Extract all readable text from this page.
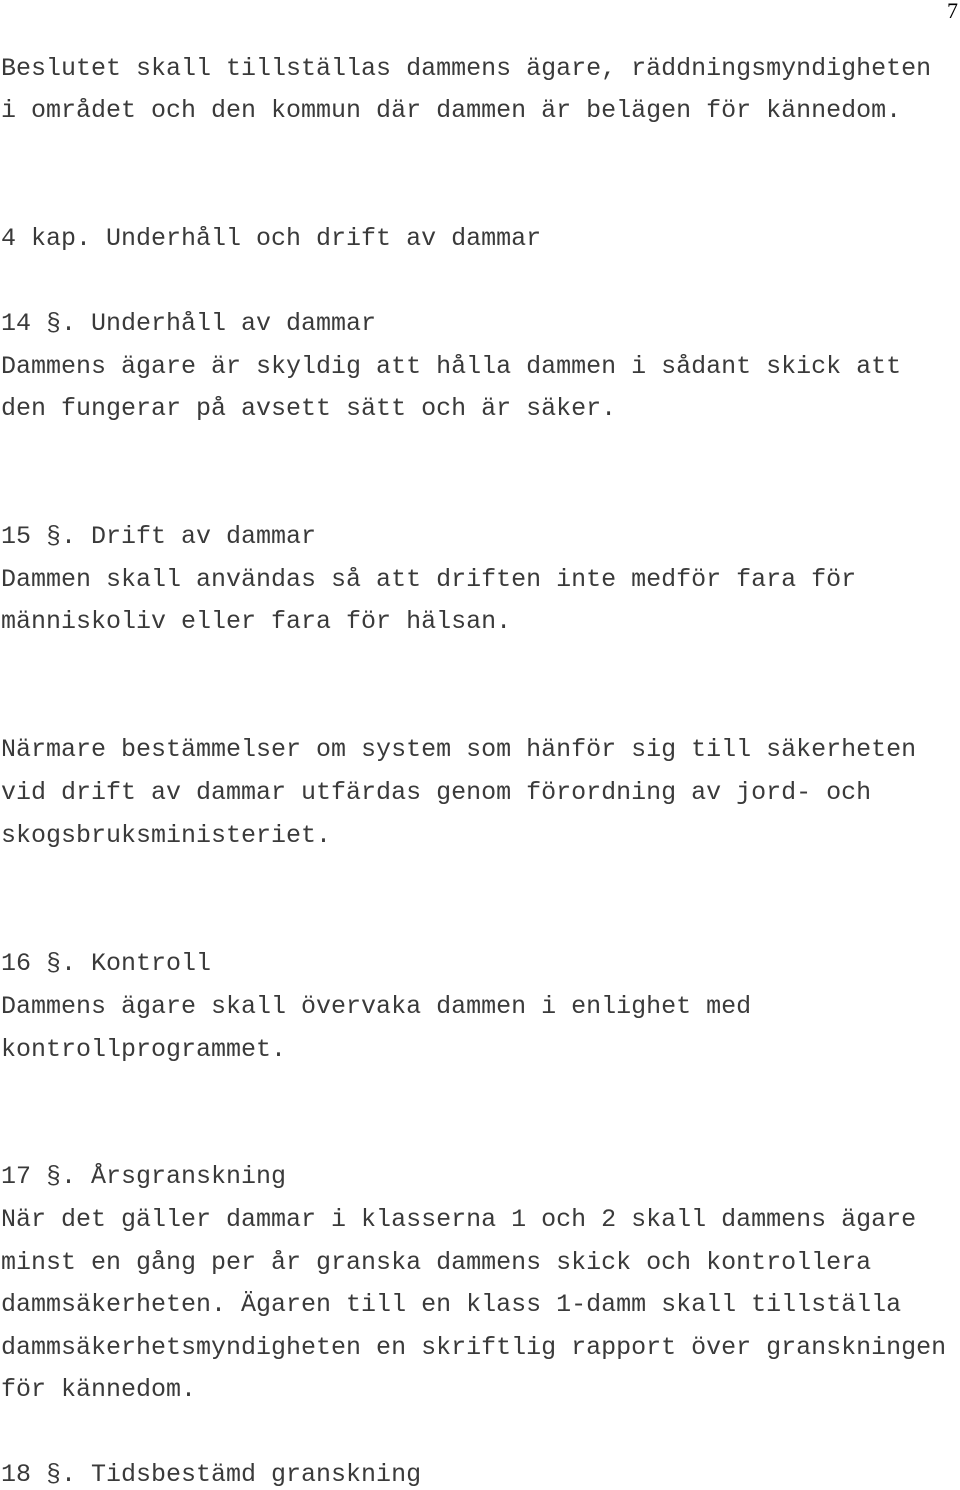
7

Beslutet skall tillställas dammens ägare, räddningsmyndigheten

i området och den kommun där dammen är belägen för kännedom.

4 kap. Underhåll och drift av dammar

14 §. Underhåll av dammar

Dammens ägare är skyldig att hålla dammen i sådant skick att

den fungerar på avsett sätt och är säker.

15 §. Drift av dammar

Dammen skall användas så att driften inte medför fara för

människoliv eller fara för hälsan.

Närmare bestämmelser om system som hänför sig till säkerheten

vid drift av dammar utfärdas genom förordning av jord- och

skogsbruksministeriet.

16 §. Kontroll

Dammens ägare skall övervaka dammen i enlighet med

kontrollprogrammet.

17 §. Årsgranskning

När det gäller dammar i klasserna 1 och 2 skall dammens ägare

minst en gång per år granska dammens skick och kontrollera

dammsäkerheten. Ägaren till en klass 1-damm skall tillställa

dammsäkerhetsmyndigheten en skriftlig rapport över granskningen

för kännedom.

18 §. Tidsbestämd granskning
